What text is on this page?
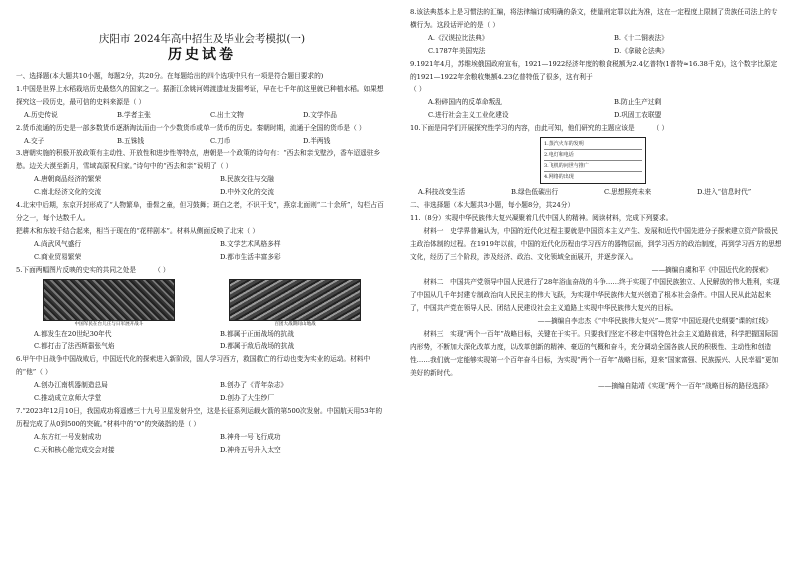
庆阳市 2024年高中招生及毕业会考模拟(一)
历史试卷

一、选择题(本大题共10小题，每题2分，共20分。在每题给出的四个选项中只有一项是符合题目要求的)

1.中国是世界上水稻栽培历史最悠久的国家之一。据浙江余姚河姆渡遗址发掘考证，早在七千年前这里就已种植水稻。如果想探究这一段历史，最可信的史料来源是（ ）

A.历史传说	B.学者主张	C.出土文物	D.文学作品

2.货币流通的历史是一部多数货币逐渐淘汰而由一个少数货币或单一货币的历史。秦朝时期，流通于全国的货币是（ ）

A.交子	B.五铢钱	C.刀币	D.半两钱

3.唐朝实施的积极开放政策有主动性、开放性和进步性等特点，唐朝是一个政策的诗句有：“西去和亲戈壁沙，香车迢遥驻乡愁。边关大漠至新月，雪域高原祝归家。”诗句中的“西去和亲”说明了（ ）

A.唐朝商品经济的繁荣	B.民族交往与交融
C.南北经济文化的交流	D.中外文化的交流

4.北宋中后期，东京开封形成了“人物繁阜，垂髫之童，但习鼓舞；斑白之老，不识干戈”，燕京北面则“二十余所”，勾栏占百分之一，每个达数千人。

把耕木和东较千结合起来，相当于现在的“花样剧本”。材料从侧面反映了北宋（ ）

A.尚武风气盛行	B.文学艺术风格多样
C.商业贸易繁荣	D.都市生活丰富多彩

5.下面两幅图片反映的史实的共同之处是	（ ）

中国军民在台儿庄与日军展开战斗	百团大战期间山地战
A.都发生在20世纪30年代	B.都属于正面战场的抗战
C.都打击了法西斯嚣张气焰	D.都属于敌后战场的抗战

6.甲午中日战争中国战败后，中国近代化的探索进入新阶段，国人学习西方，救国救亡的行动也变为实业的运动。材料中的“他”（ ）

A.创办江南机器制造总局	B.创办了《青年杂志》
C.推动成立京师大学堂	D.创办了大生纱厂

7.“2023年12月10日，我国成功将遥感三十九号卫星发射升空，这是长征系列运载火箭的第500次发射。中国航天用53年的历程完成了从0到500的突破。”材料中的“0”的突破指的是（ ）

A.东方红一号发射成功	B.神舟一号飞行成功
C.天和核心舱完成交会对接	D.神舟五号升入太空

8.该法典基本上是习惯法的汇编，将法律编订成明确的条文，使量刑定罪以此为准，这在一定程度上限制了贵族任司法上的专横行为。这段话评论的是（ ）

A.《汉谟拉比法典》	B.《十二铜表法》
C.1787年美国宪法	D.《拿破仑法典》

9.1921年4月，苏维埃俄国政府宣布，1921—1922经济年度的粮食税额为2.4亿普特(1普特≈16.38千克)，这个数字比原定的1921—1922年余粮收集额4.23亿普特低了很多，这有利于

（ ）

A.粉碎国内的反革命叛乱	B.防止生产过剩
C.进行社会主义工业化建设	D.巩固工农联盟

10.下面是同学们开展探究性学习的内容，由此可知，他们研究的主题应该是	（ ）

1.蒸汽火车的发明
2.电灯和电话
3.飞机的问世与推广
4.网络的出现
A.科技改变生活	B.绿色低碳出行	C.思想照亮未来	D.进入“信息时代”

二、非选择题（本大题共3小题，每小题8分，共24分）

11.（8分）实现中华民族伟大复兴凝聚着几代中国人的精神。阅读材料，完成下列要求。

材料一　史学界普遍认为，中国的近代化过程主要就是中国资本主义产生、发展和近代中国先进分子探索建立资产阶级民主政治体制的过程。在1919年以前，中国的近代化历程由学习西方的器物层面，到学习西方的政治制度，再到学习西方的思想文化，经历了三个阶段，涉及经济、政治、文化领域全面展开，并逐步深入。

——摘编自虞和平《中国近代化的探索》

材料二　中国共产党领导中国人民进行了28年浴血奋战的斗争……终于实现了中国民族独立、人民解放的伟大胜利，实现了中国从几千年封建专制政治向人民民主的伟大飞跃，为实现中华民族伟大复兴创造了根本社会条件。中国人民从此站起来了，中国共产党在领导人民、团结人民建设社会主义道路上实现中华民族伟大复兴的目标。

——摘编自李忠杰《“中华民族伟大复兴”—贯穿“中国近现代史纲要”课的红线》

材料三　实现“两个一百年”战略目标，关键在于实干。只要我们坚定不移走中国特色社会主义道路前进，科学把握国际国内形势，不断加大深化改革力度，以改革创新的精神、豪迈的气概和奋斗，充分调动全国各族人民的积极性、主动性和创造性……我们就一定能够实现第一个百年奋斗目标，为实现“两个一百年”战略目标，迎来“国家富强、民族振兴、人民幸福”更加美好的新时代。

——摘编自陆靖《实现“两个一百年”战略目标的路径选择》
